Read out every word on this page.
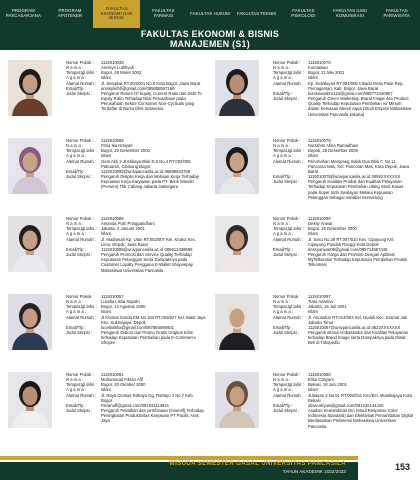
PROGRAM PASCASARJANA
PROGRAM APOTEKER
FAKULTAS EKONOMI DAN BISNIS
FAKULTAS FARMASI	FAKULTAS HUKUM	FAKULTAS TEKNIK	FAKULTAS PSIKOLOGI
FAKULTAS ILMU KOMUNIKASI
FAKULTAS PARIWISATA
FAKULTAS EKONOMI & BISNIS
MANAJEMEN (S1)
Nomor Pokok :	1115010048
N a m a :	Annisyn Luthfiyah
Tempat,tgl.lahir :	Bogor, 28 Maret 2002
A g a m a :	Islam
Alamat Rumah :	Jl. Semplak RT.004/001 No.8 Kota Bogor, Jawa Barat
Email/Tlp :	annisyluthfi@gmail.com/085888557196
Judul Skripsi :	Pengaruh Return Of Equity, Current Ratio dan Debt To Equity Ratio Terhadap Nilai Perusahaan pada Perusahaan Sektor Consumer Non-Cyclicals yang Terdaftar di Bursa Efek Indonesia
Nomor Pokok :	1115010076
N a m a :	Kurniawan
Tempat,tgl.lahir :	Bogor, 21 Mei 2001
A g a m a :	Islam
Alamat Rumah :	Kp. Kebalayan RT.004/006 Cikadu Desa Pasir Rep, Pemagarsari, Kab. Bogor, Jawa Barat
Email/Tlp :	kurniawanbro123@gmail.com/085773440807
Judul Skripsi :	Pengaruh Green Marketing, Brand Image dan Product Quality Terhadap Keputusan Pembelian Air Minum dalam Kemasan Merek Aqua (Studi Empiris Mahasiswa Universitas Pancasila Jakarta)
Nomor Pokok :	1115010085
N a m a :	Fitria Ika Ismiyati
Tempat,tgl.lahir :	Bogor, 20 Desember 2000
A g a m a :	Islam
Alamat Rumah :	Gem Akri 2 Jl.Srikaya Blok D.6 No.4 RT.002/008 Pabuaran, Cibinong Bogor
Email/Tlp :	1115010085@univpancasila.ac.id 08688623788
Judul Skripsi :	Pengaruh Disiplin Kerja dan Motivasi Kerja Terhadap Kepuasan Kerja Karyawan pada PT. Bank Mandiri (Persero) Tbk Cabang Jakarta Jatinegara
Nomor Pokok :	1115010078
N a m a :	Nurrahim Afina Ramadhani
Tempat,tgl.lahir :	Depok, 25 Desember 2000
A g a m a :	Islam
Alamat Rumah :	Perumahan Mampang Indah Dua Blok C No.11, Pancoran Mas, Kel. Pancoran Mas, Kota Depok, Jawa Barat
Email/Tlp :	1115010078@univpancasila.ac.id 0855XXXXXXX
Judul Skripsi :	Pengaruh Kualitas Produk dan Kualitas Pelayanan Terhadap Keputusan Pembelian Ulang Studi Kasus pada Super Indo Swalayan Melalui Kepuasan Pelanggan Sebagai Variabel Intervening
Nomor Pokok :	1115010086
N a m a :	Amanda Putri Pringgandhani
Tempat,tgl.lahir :	Jakarta, 4 Januari 2001
A g a m a :	Islam
Alamat Rumah :	Jl. Madrasah Kp. Utan RT.002/007 Kel. Krukut Kec. Limo, Depok, Jawa Barat
Email/Tlp :	1115010086@univpancasila.ac.id 085612438698
Judul Skripsi :	Pengaruh Promosi dan Service Quality Terhadap Keputusan Pelanggan Serta Dampaknya pada Customer Loyalty Pengguna E-Wallet Shopeepay Mahasiswa Universitas Pancasila
Nomor Pokok :	1115010096
N a m a :	Dessy Anwar
Tempat,tgl.lahir :	Bogor, 25 Desember 2000
A g a m a :	Islam
Alamat Rumah :	Jl. Sasu No.29 RT.007/010 Kec. Cipayung Kel. Cipayung Pondok Ranggi Kota Depok
Email/Tlp :	dessyanwar09@gmail.com/085713667448
Judul Skripsi :	Pengaruh Harga dan Promosi Dengan Aplikasi MyTelkomsel Terhadap Keputusan Pembelian Produk Telkomsel
Nomor Pokok :	1115010057
N a m a :	Lucella Listia Saputri
Tempat,tgl.lahir :	Bogor, 14 Agustus 2000
A g a m a :	Islam
Alamat Rumah :	Jl Kramat Sunda KM No.184 RT.003/027 Kel. Bakti Jaya Kec. Sukmajaya, Depok
Email/Tlp :	lucellalisha@gmail.com/087884090601
Judul Skripsi :	Pengaruh Diskon dan Promo Gratis Ongkos Kirim terhadap Keputusan Pembelian pada E-Commerce Shopee
Nomor Pokok :	1115010097
N a m a :	Tiara Adarina
Tempat,tgl.lahir :	Jakarta, 15 Juli 2001
A g a m a :	Islam
Alamat Rumah :	Jl. Anusahar RT.014/003 Kel. Duduk Kec. Kramat Jati Jakarta Timur
Email/Tlp :	1115010097@univpancasila.ac.id 0822XXXXXXX
Judul Skripsi :	Pengaruh Brand Ambassador dan Kualitas Pelayanan terhadap Brand Image serta Dampaknya pada Minat Beli di Tokopedia
Nomor Pokok :	1115010081
N a m a :	Muhammad Fikran Afif
Tempat,tgl.lahir :	Bogor, 20 Oktober 2000
A g a m a :	Islam
Alamat Rumah :	Jl. Raya Ciomas Rahayu Gg. Rahayu 3 No.7 Kab. Bogor
Email/Tlp :	Fikranaff@gmail.com/081931114841
Judul Skripsi :	Pengaruh Pelatihan dan pembinaan (Insentif) Terhadap Peningkatan Produktivitas Karyawan PT Pacific Aras Jaya
Nomor Pokok :	1115010088
N a m a :	Elisa Cahyani
Tempat,tgl.lahir :	Bekasi, 18 Juni 2001
A g a m a :	Islam
Alamat Rumah :	Jl.Bayan 2 No.51 RT.002/011 Kec/Kel. Mustikajaya Kota Bekasi
Email/Tlp :	elisacahyani@gmail.com/081220144420
Judul Skripsi :	Analisis Kemandirian Diri (Studi Response Color Indonesia Standard) dan Efektivitas Pemanfaatan Digital Berdasarkan Preferensi Mahasiswa Universitas Pancasila
WISUDA SEMESTER GASAL UNIVERSITAS PANCASILA
TAHUN AKADEMIK 2022/2023	153
